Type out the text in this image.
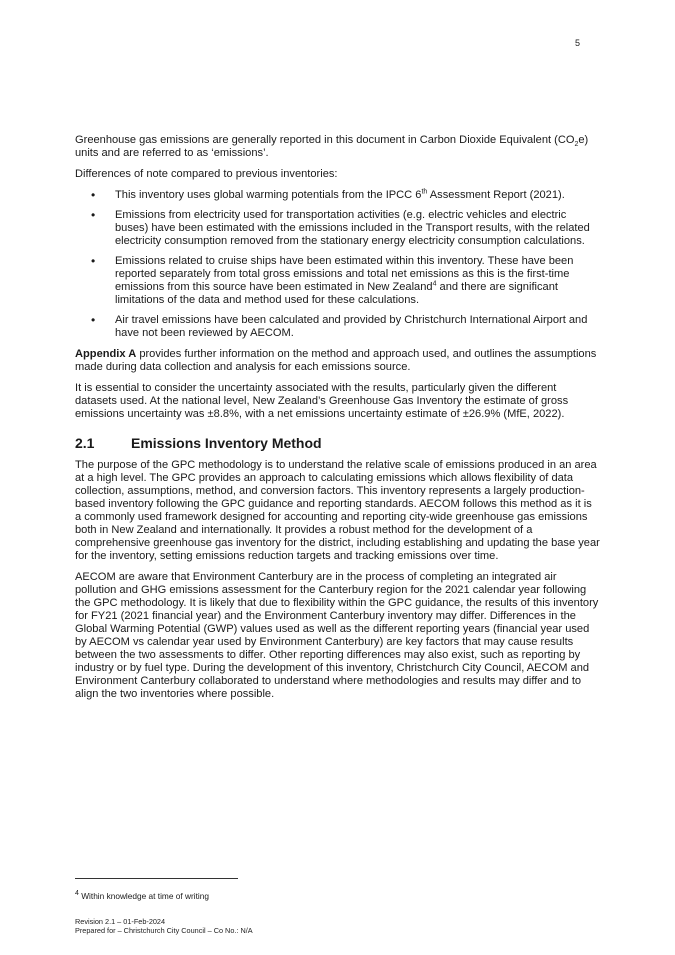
5

Greenhouse gas emissions are generally reported in this document in Carbon Dioxide Equivalent $(CO_2e)$ units and are referred to as ‘emissions’.

Differences of note compared to previous inventories:

• This inventory uses global warming potentials from the IPCC 6th Assessment Report (2021).
• Emissions from electricity used for transportation activities (e.g. electric vehicles and electric buses) have been estimated with the emissions included in the Transport results, with the related electricity consumption removed from the stationary energy electricity consumption calculations.
• Emissions related to cruise ships have been estimated within this inventory. These have been reported separately from total gross emissions and total net emissions as this is the first-time emissions from this source have been estimated in New Zealand$^4$ and there are significant limitations of the data and method used for these calculations.
• Air travel emissions have been calculated and provided by Christchurch International Airport and have not been reviewed by AECOM.

Appendix A provides further information on the method and approach used, and outlines the assumptions made during data collection and analysis for each emissions source.

It is essential to consider the uncertainty associated with the results, particularly given the different datasets used. At the national level, New Zealand’s Greenhouse Gas Inventory the estimate of gross emissions uncertainty was ±8.8%, with a net emissions uncertainty estimate of ±26.9% (MfE, 2022).

2.1	Emissions Inventory Method

The purpose of the GPC methodology is to understand the relative scale of emissions produced in an area at a high level. The GPC provides an approach to calculating emissions which allows flexibility of data collection, assumptions, method, and conversion factors. This inventory represents a largely production-based inventory following the GPC guidance and reporting standards. AECOM follows this method as it is a commonly used framework designed for accounting and reporting city-wide greenhouse gas emissions both in New Zealand and internationally. It provides a robust method for the development of a comprehensive greenhouse gas inventory for the district, including establishing and updating the base year for the inventory, setting emissions reduction targets and tracking emissions over time.

AECOM are aware that Environment Canterbury are in the process of completing an integrated air pollution and GHG emissions assessment for the Canterbury region for the 2021 calendar year following the GPC methodology. It is likely that due to flexibility within the GPC guidance, the results of this inventory for FY21 (2021 financial year) and the Environment Canterbury inventory may differ. Differences in the Global Warming Potential (GWP) values used as well as the different reporting years (financial year used by AECOM vs calendar year used by Environment Canterbury) are key factors that may cause results between the two assessments to differ. Other reporting differences may also exist, such as reporting by industry or by fuel type. During the development of this inventory, Christchurch City Council, AECOM and Environment Canterbury collaborated to understand where methodologies and results may differ and to align the two inventories where possible.

$^4$ Within knowledge at time of writing
Revision 2.1 – 01-Feb-2024
Prepared for – Christchurch City Council – Co No.: N/A
